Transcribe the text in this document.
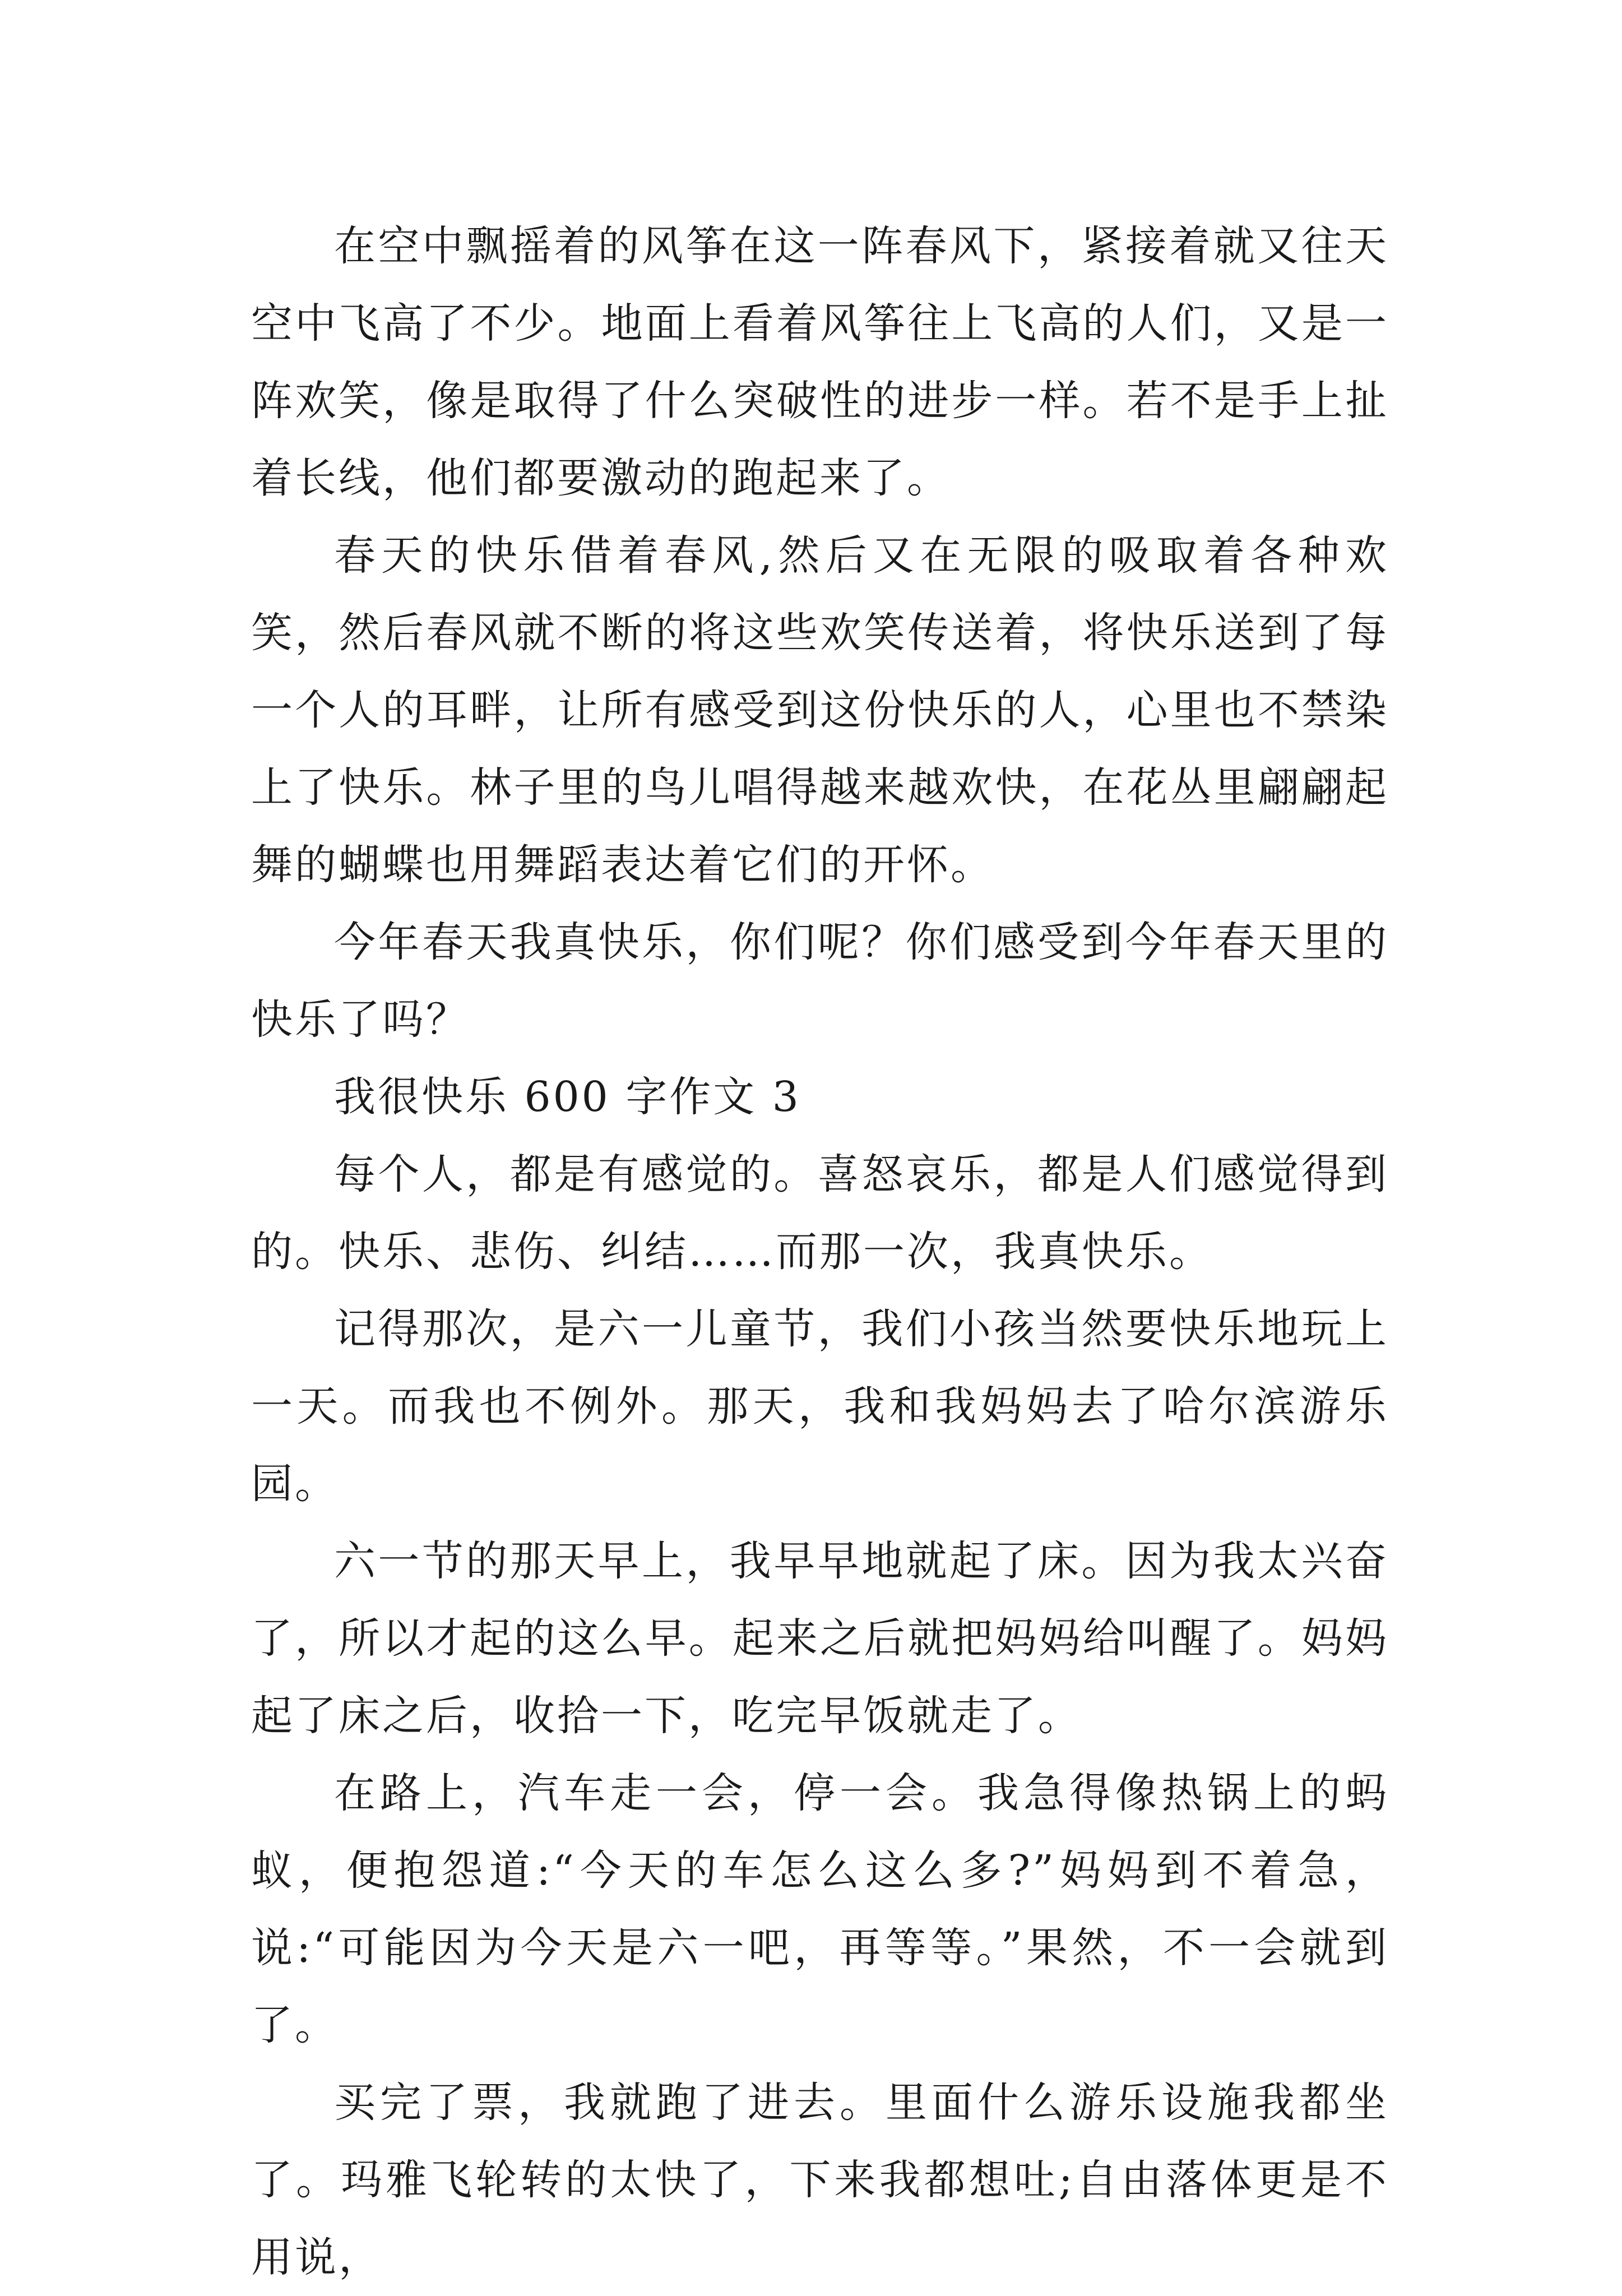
在空中飘摇着的风筝在这一阵春风下，紧接着就又往天空中飞高了不少。地面上看着风筝往上飞高的人们，又是一阵欢笑，像是取得了什么突破性的进步一样。若不是手上扯着长线，他们都要激动的跑起来了。

春天的快乐借着春风,然后又在无限的吸取着各种欢笑，然后春风就不断的将这些欢笑传送着，将快乐送到了每一个人的耳畔，让所有感受到这份快乐的人，心里也不禁染上了快乐。林子里的鸟儿唱得越来越欢快，在花丛里翩翩起舞的蝴蝶也用舞蹈表达着它们的开怀。

今年春天我真快乐，你们呢？你们感受到今年春天里的快乐了吗？

我很快乐 600 字作文 3

每个人，都是有感觉的。喜怒哀乐，都是人们感觉得到的。快乐、悲伤、纠结……而那一次，我真快乐。

记得那次，是六一儿童节，我们小孩当然要快乐地玩上一天。而我也不例外。那天，我和我妈妈去了哈尔滨游乐园。

六一节的那天早上，我早早地就起了床。因为我太兴奋了，所以才起的这么早。起来之后就把妈妈给叫醒了。妈妈起了床之后，收拾一下，吃完早饭就走了。

在路上，汽车走一会，停一会。我急得像热锅上的蚂蚁，便抱怨道:“今天的车怎么这么多?”妈妈到不着急，说:“可能因为今天是六一吧，再等等。”果然，不一会就到了。

买完了票，我就跑了进去。里面什么游乐设施我都坐了。玛雅飞轮转的太快了，下来我都想吐;自由落体更是不用说，
